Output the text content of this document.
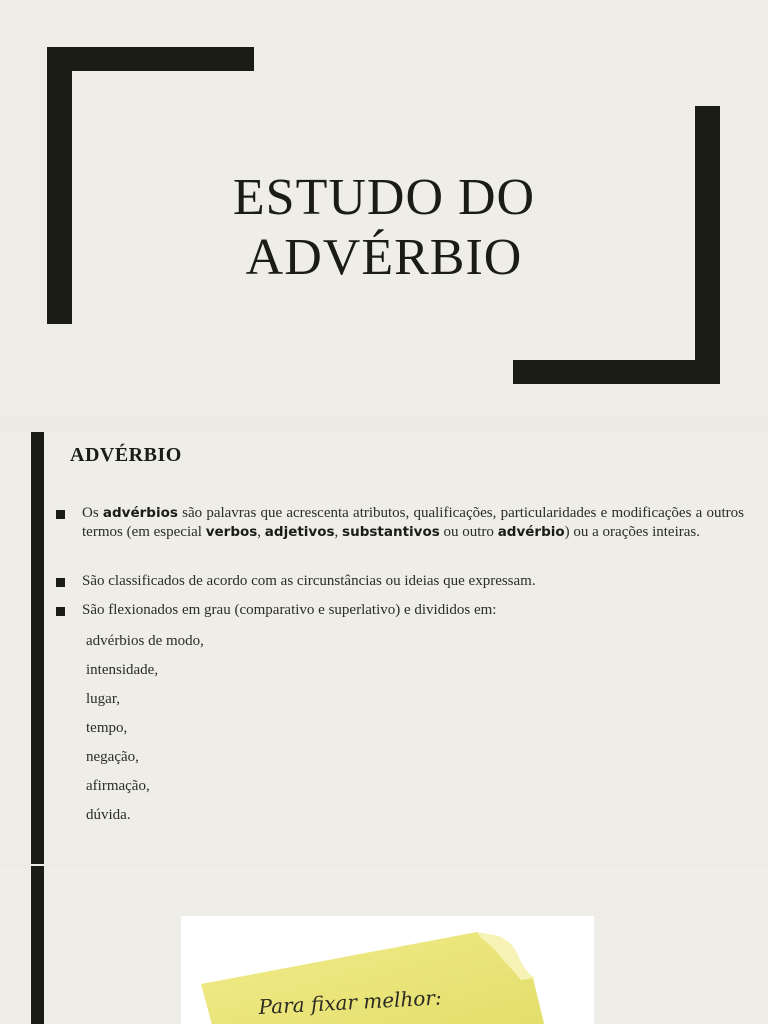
ESTUDO DO
ADVÉRBIO
ADVÉRBIO
Os advérbios são palavras que acrescenta atributos, qualificações, particularidades e modificações a outros termos (em especial verbos, adjetivos, substantivos ou outro advérbio) ou a orações inteiras.
São classificados de acordo com as circunstâncias ou ideias que expressam.
São flexionados em grau (comparativo e superlativo) e divididos em:
advérbios de modo,
intensidade,
lugar,
tempo,
negação,
afirmação,
dúvida.
Para fixar melhor:
